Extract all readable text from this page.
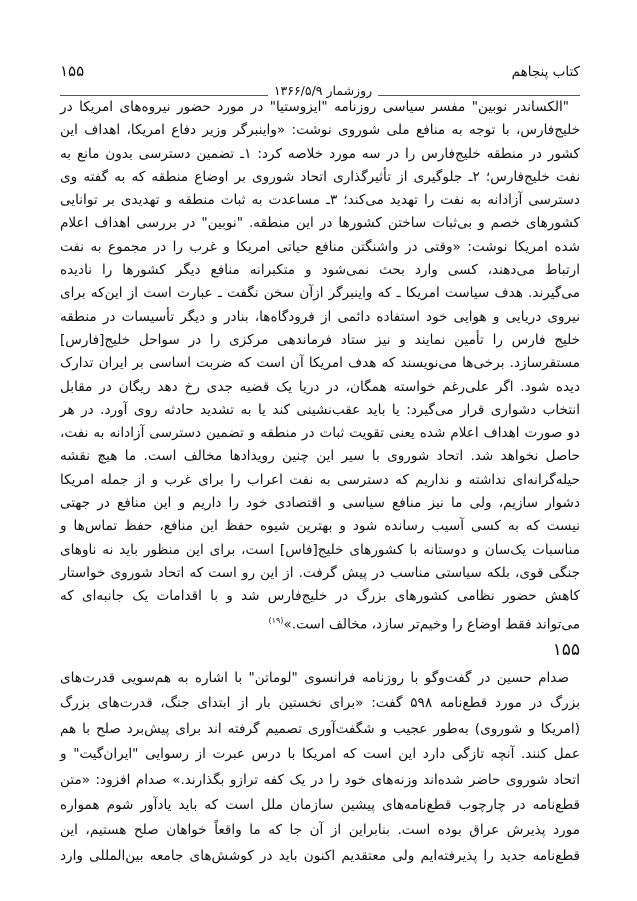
کتاب پنجاهم
۱۵۵
روزشمار ۱۳۶۶/۵/۹
"الکساندر نوبین" مفسر سیاسی روزنامه "ایزوستیا" در مورد حضور نیروه‌های امریکا در
خلیج‌فارس، با توجه به منافع ملی شوروی نوشت: «واینبرگر وزیر دفاع امریکا، اهداف این
کشور در منطقه خلیج‌فارس را در سه مورد خلاصه کرد: ۱ـ تضمین دسترسی بدون مانع به
نفت خلیج‌فارس؛ ۲ـ جلوگیری از تأثیرگذاری اتحاد شوروی بر اوضاع منطقه که به گفته وی
دسترسی آزادانه به نفت را تهدید می‌کند؛ ۳ـ مساعدت به ثبات منطقه و تهدیدی بر توانایی
کشورهای خصم و بی‌ثبات ساختن کشورها در این منطقه. "نوبین" در بررسی اهداف اعلام
شده امریکا نوشت: «وقتی در واشنگتن منافع حیاتی امریکا و غرب را در مجموع به نفت
ارتباط می‌دهند، کسی وارد بحث نمی‌شود و متکبرانه منافع دیگر کشورها را نادیده
می‌گیرند. هدف سیاست امریکا ـ که واینبرگر ازآن سخن نگفت ـ عبارت است از این‌که برای
نیروی دریایی و هوایی خود استفاده دائمی از فرودگاه‌ها، بنادر و دیگر تأسیسات در منطقه
خلیج فارس را تأمین نمایند و نیز ستاد فرماندهی مرکزی را در سواحل خلیج[فارس]
مستقرسازد. برخی‌ها می‌نویسند که هدف امریکا آن است که ضربت اساسی بر ایران تدارک
دیده شود. اگر علی‌رغم خواسته همگان، در دریا یک قضیه جدی رخ دهد ریگان در مقابل
انتخاب دشواری قرار می‌گیرد: یا باید عقب‌نشینی کند یا به تشدید حادثه روی آورد. در هر
دو صورت اهداف اعلام شده یعنی تقویت ثبات در منطقه و تضمین دسترسی آزادانه به نفت،
حاصل نخواهد شد. اتحاد شوروی با سیر این چنین رویدادها مخالف است. ما هیچ نقشه
حیله‌گرانه‌ای نداشته و نداریم که دسترسی به نفت اعراب را برای غرب و از جمله امریکا
دشوار سازیم، ولی ما نیز منافع سیاسی و اقتصادی خود را داریم و این منافع در جهتی
نیست که به کسی آسیب رسانده شود و بهترین شیوه حفظ این منافع، حفظ تماس‌ها و
مناسبات یک‌سان و دوستانه با کشورهای خلیج[فاس] است، برای این منظور باید نه ناوهای
جنگی قوی، بلکه سیاستی مناسب در پیش گرفت. از این رو است که اتحاد شوروی خواستار
کاهش حضور نظامی کشورهای بزرگ در خلیج‌فارس شد و با اقدامات یک جانبه‌ای که
می‌تواند فقط اوضاع را وخیم‌تر سازد، مخالف است.»$^{(۱۹)}$
۱۵۵
صدام حسین در گفت‌وگو با روزنامه فرانسوی "لوماتن" با اشاره به هم‌سویی قدرت‌های
بزرگ در مورد قطع‌نامه ۵۹۸ گفت: «برای نخستین بار از ابتدای جنگ، قدرت‌های بزرگ
(امریکا و شوروی) به‌طور عجیب و شگفت‌آوری تصمیم گرفته اند برای پیش‌برد صلح با هم
عمل کنند. آنچه تازگی دارد این است که امریکا با درس عبرت از رسوایی "ایران‌گیت" و
اتحاد شوروی حاضر شده‌اند وزنه‌های خود را در یک کفه ترازو بگذارند.» صدام افزود: «متن
قطع‌نامه در چارچوب قطع‌نامه‌های پیشین سازمان ملل است که باید یادآور شوم همواره
مورد پذیرش عراق بوده است. بنابراین از آن جا که ما واقعاً خواهان صلح هستیم، این
قطع‌نامه جدید را پذیرفته‌ایم ولی معتقدیم اکنون باید در کوشش‌های جامعه بین‌المللی وارد
